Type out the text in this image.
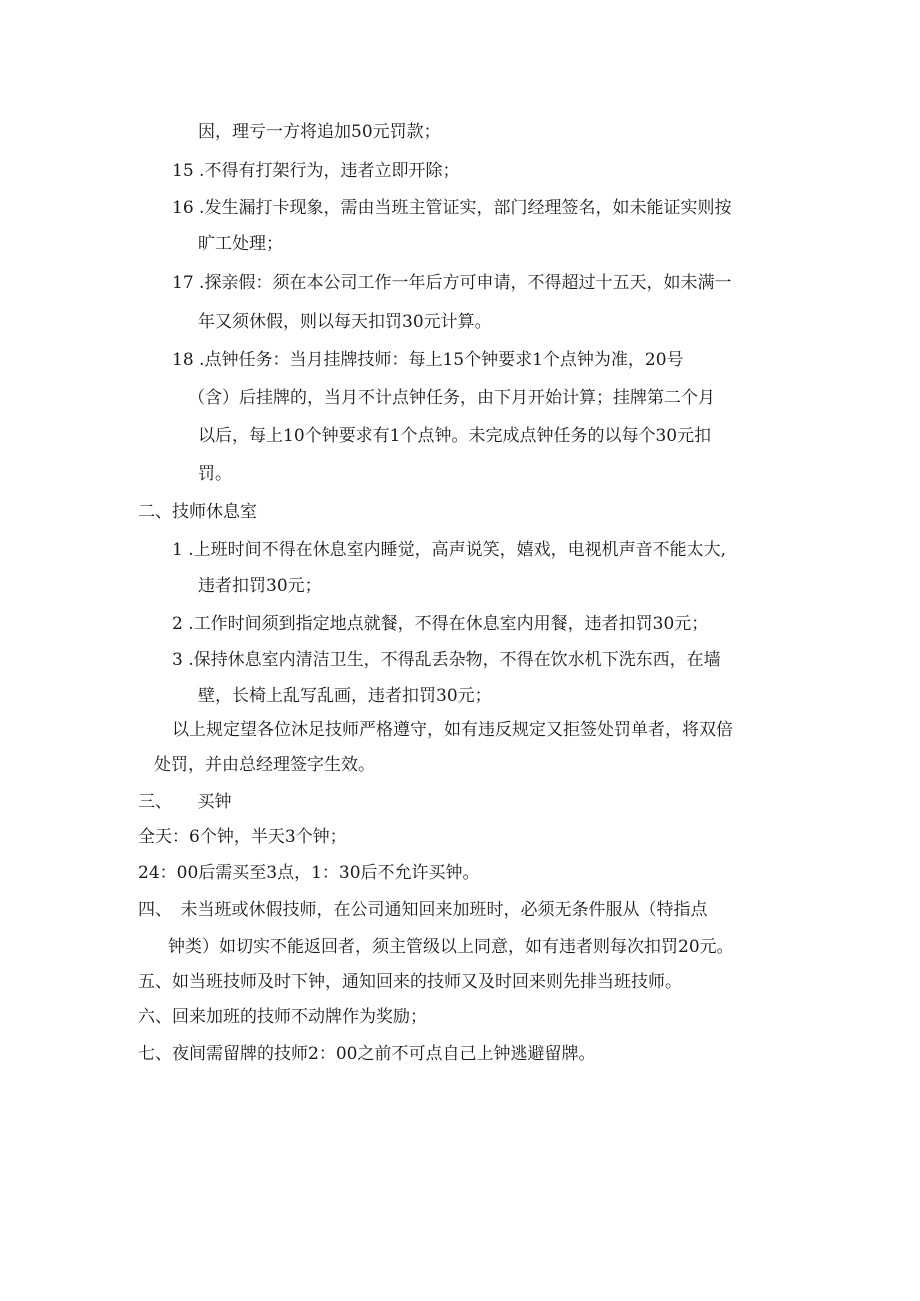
因，理亏一方将追加50元罚款；
15 .不得有打架行为，违者立即开除；
16 .发生漏打卡现象，需由当班主管证实，部门经理签名，如未能证实则按
旷工处理；
17 .探亲假：须在本公司工作一年后方可申请，不得超过十五天，如未满一
年又须休假，则以每天扣罚30元计算。
18 .点钟任务：当月挂牌技师：每上15个钟要求1个点钟为准，20号
（含）后挂牌的，当月不计点钟任务，由下月开始计算；挂牌第二个月
以后，每上10个钟要求有1个点钟。未完成点钟任务的以每个30元扣
罚。
二、技师休息室
1 .上班时间不得在休息室内睡觉，高声说笑，嬉戏，电视机声音不能太大,
违者扣罚30元；
2 .工作时间须到指定地点就餐，不得在休息室内用餐，违者扣罚30元；
3 .保持休息室内清洁卫生，不得乱丢杂物，不得在饮水机下洗东西，在墙
壁，长椅上乱写乱画，违者扣罚30元；
以上规定望各位沐足技师严格遵守，如有违反规定又拒签处罚单者，将双倍
处罚，并由总经理签字生效。
三、　　买钟
全天：6个钟，半天3个钟；
24：00后需买至3点，1：30后不允许买钟。
四、　未当班或休假技师，在公司通知回来加班时，必须无条件服从（特指点
钟类）如切实不能返回者，须主管级以上同意，如有违者则每次扣罚20元。
五、如当班技师及时下钟，通知回来的技师又及时回来则先排当班技师。
六、回来加班的技师不动牌作为奖励；
七、夜间需留牌的技师2：00之前不可点自己上钟逃避留牌。
